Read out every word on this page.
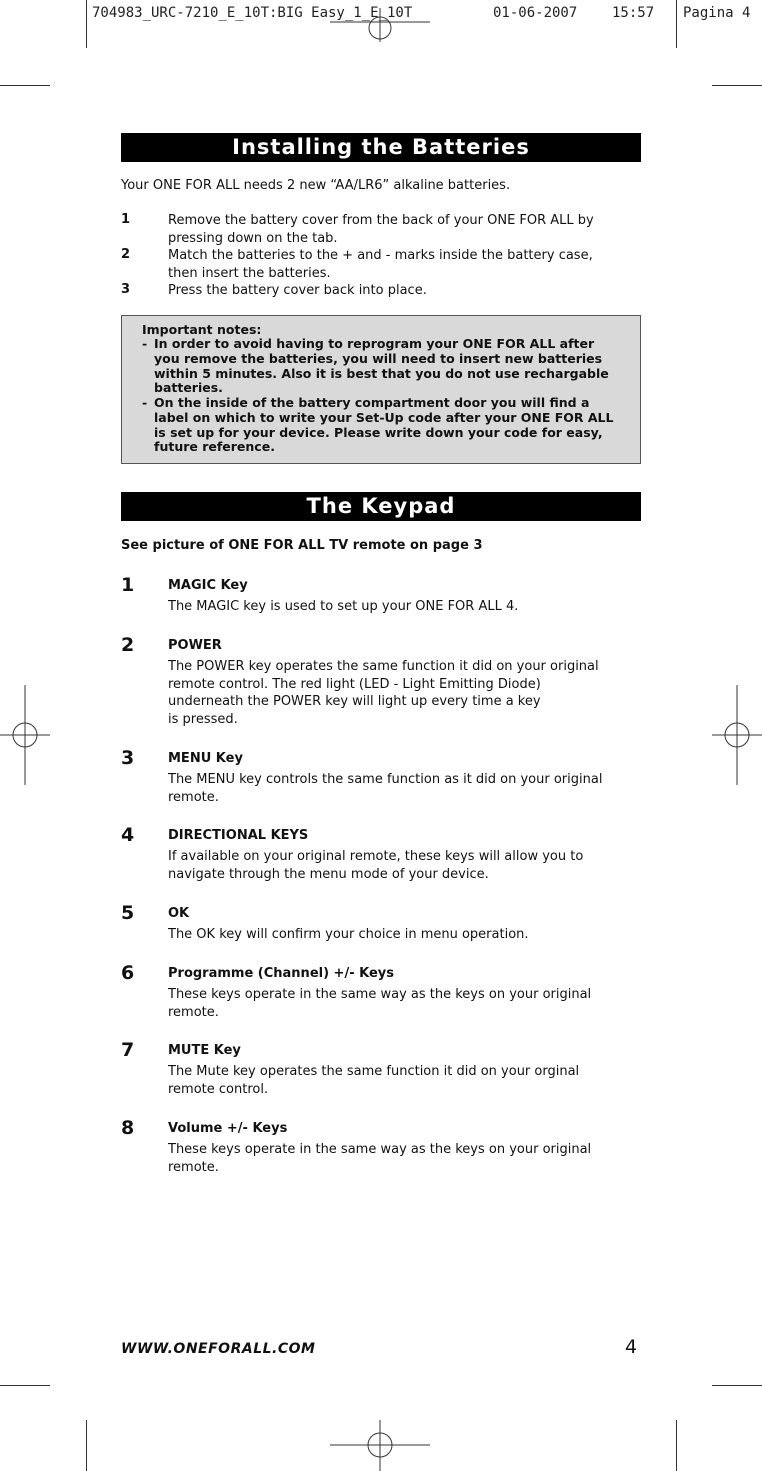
704983_URC-7210_E_10T:BIG Easy_1_E_10T	01-06-2007 15:57 Pagina 4
Installing the Batteries
Your ONE FOR ALL needs 2 new “AA/LR6” alkaline batteries.
1	Remove the battery cover from the back of your ONE FOR ALL by
pressing down on the tab.
2	Match the batteries to the + and - marks inside the battery case,
then insert the batteries.
3	Press the battery cover back into place.
Important notes:
- In order to avoid having to reprogram your ONE FOR ALL after
you remove the batteries, you will need to insert new batteries
within 5 minutes. Also it is best that you do not use rechargable
batteries.
- On the inside of the battery compartment door you will find a
label on which to write your Set-Up code after your ONE FOR ALL
is set up for your device. Please write down your code for easy,
future reference.
The Keypad
See picture of ONE FOR ALL TV remote on page 3
1	MAGIC Key
The MAGIC key is used to set up your ONE FOR ALL 4.
2	POWER
The POWER key operates the same function it did on your original
remote control. The red light (LED - Light Emitting Diode)
underneath the POWER key will light up every time a key
is pressed.
3	MENU Key
The MENU key controls the same function as it did on your original
remote.
4	DIRECTIONAL KEYS
If available on your original remote, these keys will allow you to
navigate through the menu mode of your device.
5	OK
The OK key will confirm your choice in menu operation.
6	Programme (Channel) +/- Keys
These keys operate in the same way as the keys on your original
remote.
7	MUTE Key
The Mute key operates the same function it did on your orginal
remote control.
8	Volume +/- Keys
These keys operate in the same way as the keys on your original
remote.
WWW.ONEFORALL.COM	4
